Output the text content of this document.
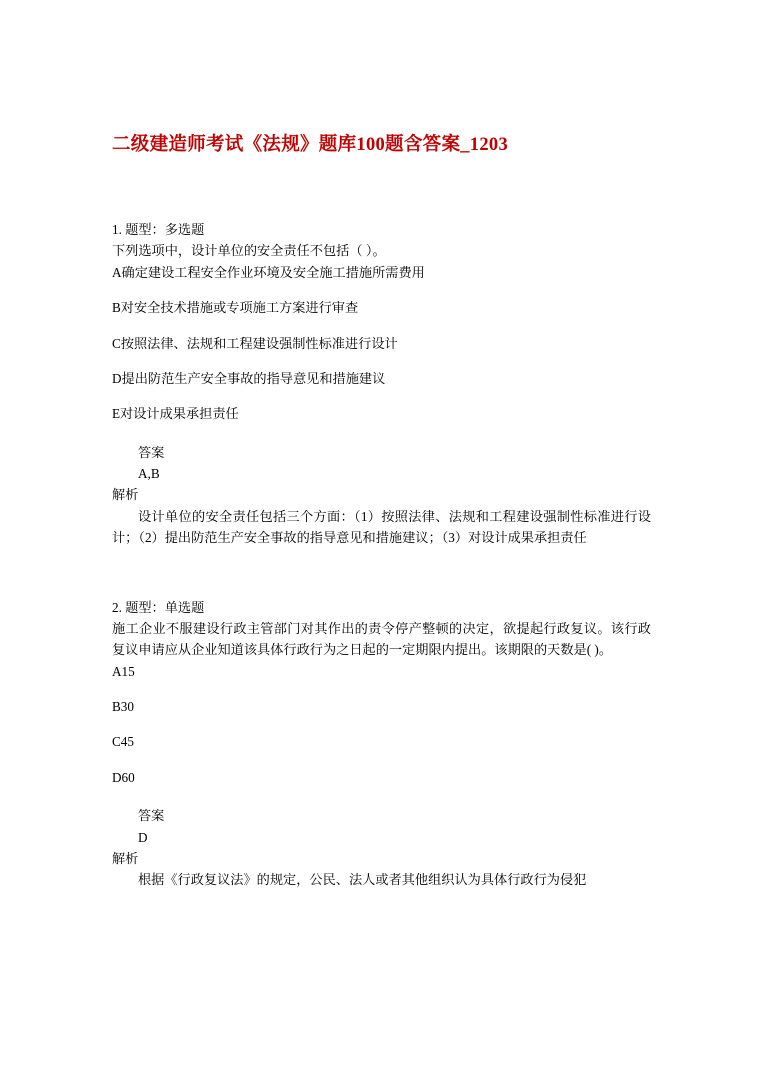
二级建造师考试《法规》题库100题含答案_1203

1. 题型：多选题

下列选项中，设计单位的安全责任不包括（ ）。

A确定建设工程安全作业环境及安全施工措施所需费用

B对安全技术措施或专项施工方案进行审查

C按照法律、法规和工程建设强制性标准进行设计

D提出防范生产安全事故的指导意见和措施建议

E对设计成果承担责任

答案

A,B

解析

设计单位的安全责任包括三个方面：（1）按照法律、法规和工程建设强制性标准进行设计；（2）提出防范生产安全事故的指导意见和措施建议；（3）对设计成果承担责任

2. 题型：单选题

施工企业不服建设行政主管部门对其作出的责令停产整顿的决定，欲提起行政复议。该行政复议申请应从企业知道该具体行政行为之日起的一定期限内提出。该期限的天数是( )。

A15

B30

C45

D60

答案

D

解析

根据《行政复议法》的规定，公民、法人或者其他组织认为具体行政行为侵犯
